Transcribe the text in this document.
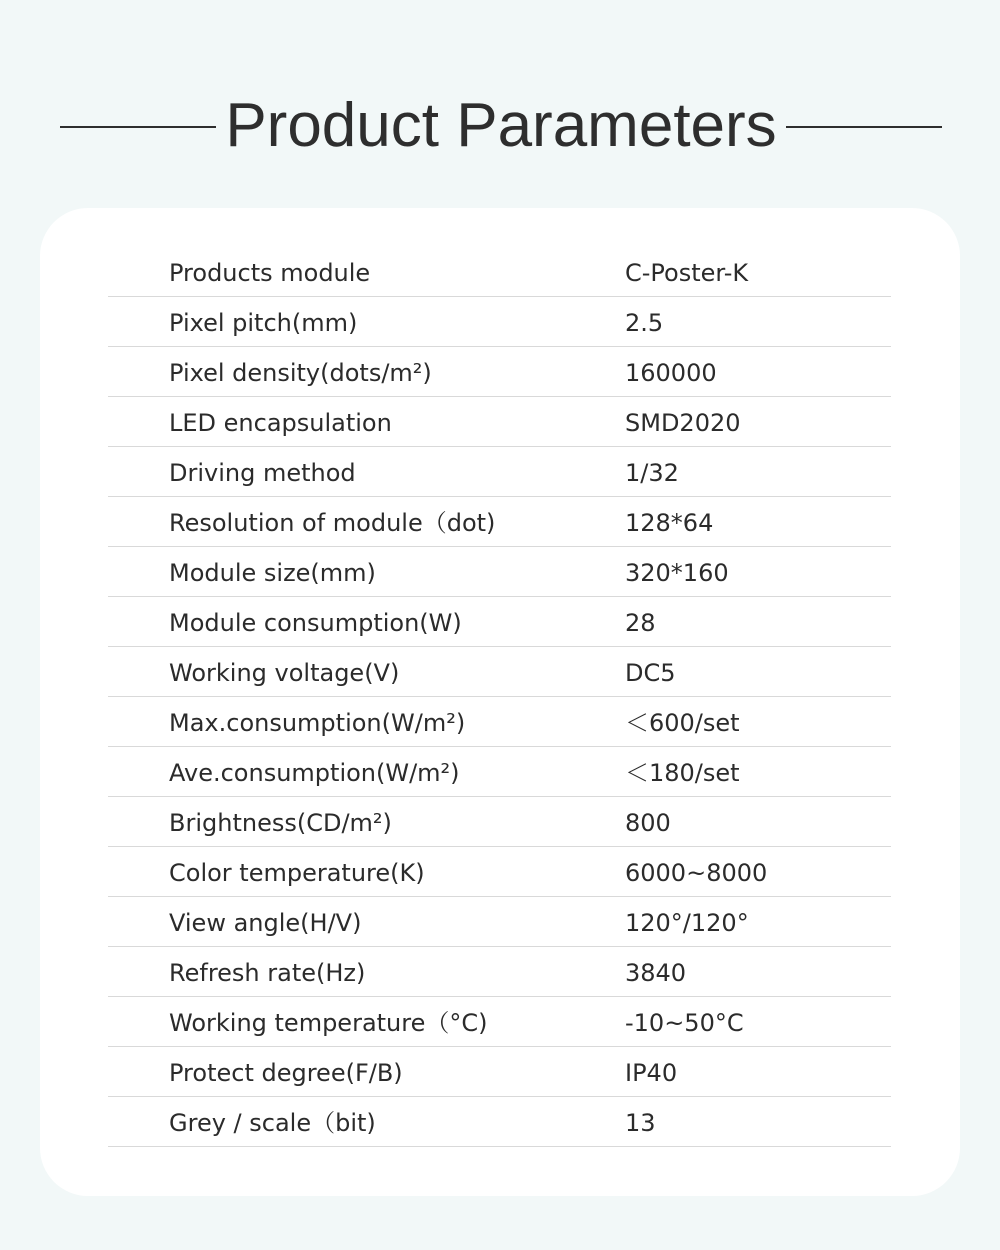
Product Parameters
Products module	C-Poster-K
Pixel pitch(mm)	2.5
Pixel density(dots/m²)	160000
LED encapsulation	SMD2020
Driving method	1/32
Resolution of module（dot)	128*64
Module size(mm)	320*160
Module consumption(W)	28
Working voltage(V)	DC5
Max.consumption(W/m²)	＜600/set
Ave.consumption(W/m²)	＜180/set
Brightness(CD/m²)	800
Color temperature(K)	6000~8000
View angle(H/V)	120°/120°
Refresh rate(Hz)	3840
Working temperature（°C)	-10~50°C
Protect degree(F/B)	IP40
Grey / scale（bit)	13
